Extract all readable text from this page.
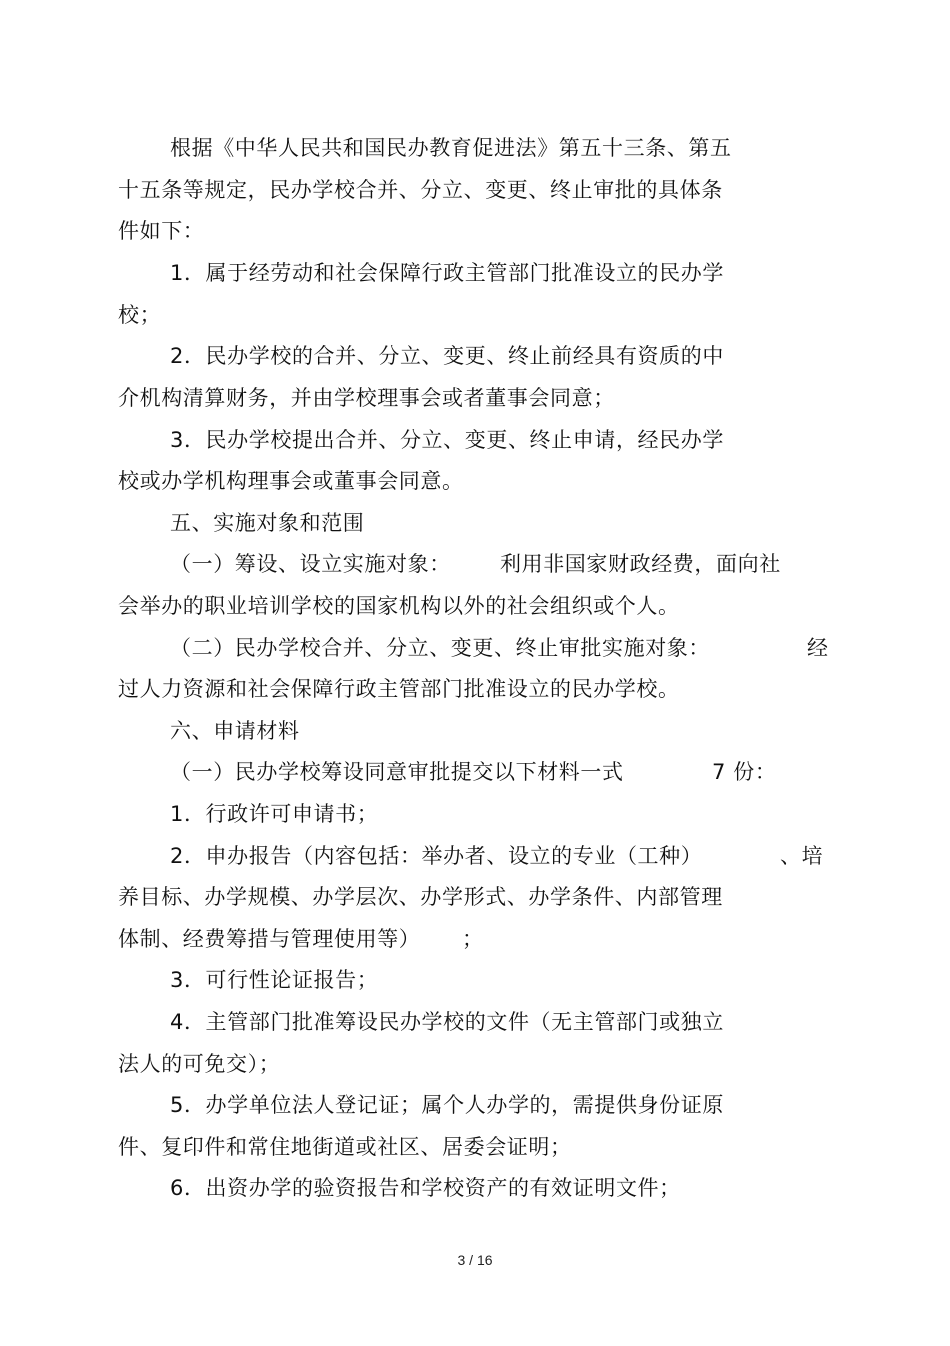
根据《中华人民共和国民办教育促进法》第五十三条、第五
十五条等规定，民办学校合并、分立、变更、终止审批的具体条
件如下：
1．属于经劳动和社会保障行政主管部门批准设立的民办学
校；
2．民办学校的合并、分立、变更、终止前经具有资质的中
介机构清算财务，并由学校理事会或者董事会同意；
3．民办学校提出合并、分立、变更、终止申请，经民办学
校或办学机构理事会或董事会同意。
五、实施对象和范围
（一）筹设、设立实施对象： 利用非国家财政经费，面向社
会举办的职业培训学校的国家机构以外的社会组织或个人。
（二）民办学校合并、分立、变更、终止审批实施对象：	经
过人力资源和社会保障行政主管部门批准设立的民办学校。
六、申请材料
（一）民办学校筹设同意审批提交以下材料一式	7 份：
1．行政许可申请书；
2．申办报告（内容包括：举办者、设立的专业（工种）	、培
养目标、办学规模、办学层次、办学形式、办学条件、内部管理
体制、经费筹措与管理使用等） ；
3．可行性论证报告；
4．主管部门批准筹设民办学校的文件（无主管部门或独立
法人的可免交）；
5．办学单位法人登记证；属个人办学的，需提供身份证原
件、复印件和常住地街道或社区、居委会证明；
6．出资办学的验资报告和学校资产的有效证明文件；
3 / 16
